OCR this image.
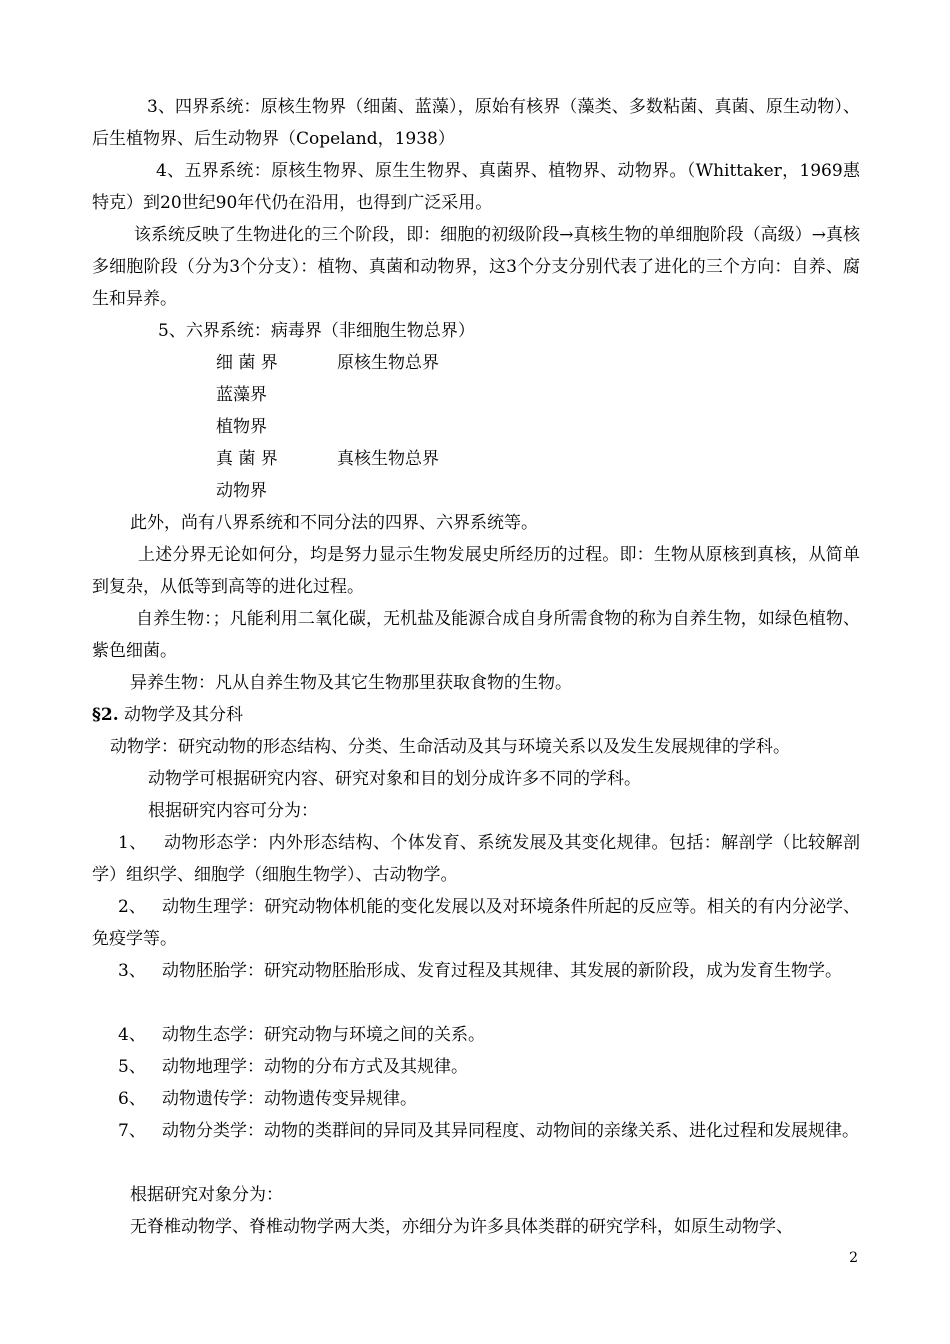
3、四界系统：原核生物界（细菌、蓝藻），原始有核界（藻类、多数粘菌、真菌、原生动物）、后生植物界、后生动物界（Copeland，1938）

4、五界系统：原核生物界、原生生物界、真菌界、植物界、动物界。（Whittaker，1969惠特克）到20世纪90年代仍在沿用，也得到广泛采用。

该系统反映了生物进化的三个阶段，即：细胞的初级阶段→真核生物的单细胞阶段（高级）→真核多细胞阶段（分为3个分支）：植物、真菌和动物界，这3个分支分别代表了进化的三个方向：自养、腐生和异养。

5、六界系统：病毒界（非细胞生物总界）

细 菌 界	原核生物总界
蓝藻界
植物界
真 菌 界	真核生物总界
动物界

此外，尚有八界系统和不同分法的四界、六界系统等。

上述分界无论如何分，均是努力显示生物发展史所经历的过程。即：生物从原核到真核，从简单到复杂，从低等到高等的进化过程。

自养生物：；凡能利用二氧化碳，无机盐及能源合成自身所需食物的称为自养生物，如绿色植物、紫色细菌。

异养生物：凡从自养生物及其它生物那里获取食物的生物。

§2. 动物学及其分科

动物学：研究动物的形态结构、分类、生命活动及其与环境关系以及发生发展规律的学科。

动物学可根据研究内容、研究对象和目的划分成许多不同的学科。

根据研究内容可分为：

1、 动物形态学：内外形态结构、个体发育、系统发展及其变化规律。包括：解剖学（比较解剖学）组织学、细胞学（细胞生物学）、古动物学。
2、 动物生理学：研究动物体机能的变化发展以及对环境条件所起的反应等。相关的有内分泌学、免疫学等。
3、 动物胚胎学：研究动物胚胎形成、发育过程及其规律、其发展的新阶段，成为发育生物学。
4、 动物生态学：研究动物与环境之间的关系。
5、 动物地理学：动物的分布方式及其规律。
6、 动物遗传学：动物遗传变异规律。
7、 动物分类学：动物的类群间的异同及其异同程度、动物间的亲缘关系、进化过程和发展规律。

根据研究对象分为：

无脊椎动物学、脊椎动物学两大类，亦细分为许多具体类群的研究学科，如原生动物学、

2
